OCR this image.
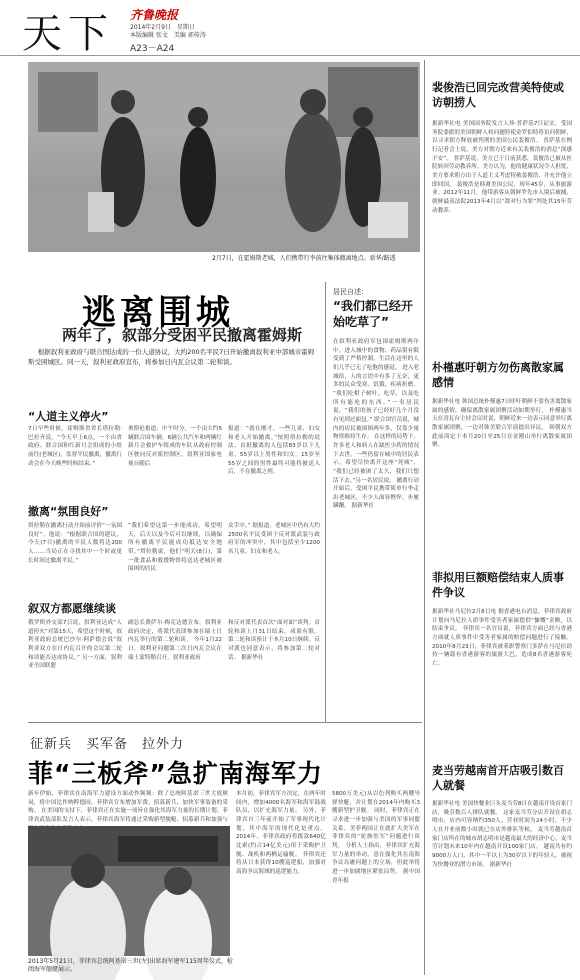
天下 齐鲁晚报
2014年2月9日　星期日
本版编辑 张文　美编 郭传涛
A23－A24
2月7日，在霍姆斯老城，人们携带行李前往集体撤离地点。新华/路透
逃离围城
两年了，叙部分受困平民撤离霍姆斯
根据叙利亚政府与联合国达成的一份人道协议，大约200名平民7日开始撤离叙利亚中部城市霍姆斯受困城区。同一天，叙利亚政府宣布，将参加日内瓦会议第二轮和谈。
“人道主义停火”
7日早些时候，霍姆斯省省长塔拉勒·巴拉齐说，“今天早上6点，一个由省政府、联合国和红新月会组成的小组前往(老城区)，监督平民撤离，撤离行动会在今天晚些时候结束。”
奥斯伦报道，中午时分，一个由大约5辆联合国车辆、6辆公共汽车和两辆红新月会救护车组成的车队从政府控制区驶向反对派控制区。叙利亚国家电视台随后
报道：“就在刚才，一些儿童、妇女和老人开始撤离。”按照塔拉勒的说法，首批撤离的人包括83岁以下儿童、55岁以上男性和妇女。15岁至55岁之间的男性最终可能将被送入后，不在撤离之列。
撤离“氛围良好”
塔拉勒在撤离行动开始前评价“一氛围良好”。他说：“根据联合国的建议，今天(7日)撤离的平民人数将达200人……当局正在寻找其中一个时或更长时间过撤离平民。”
“我们希望这第一步能成功，希望明天，后天以及今后可以继续，以确保所有撤离平民能成功抵达安全地带。”塔拉勒说，他们“明天(8日)，第一批食品和救援物资将送达老城区被围困的居民
众手中。” 据报道，老城区中仍有大约2500名平民受困于反对派武装与政府军的冲突中，其中包括至少1200名儿童、妇女和老人。
叙双方都愿继续谈
俄罗斯外交部7日说，叙利亚达成“人道停火”对第15天，希望这个时候，叙利亚政府总统巴沙尔·阿萨德会说“叙利亚双方在日内瓦召开的会议第二轮和谈能否达成协议。” 另一方面，叙利亚全国联盟
副总长费萨尔·梅克达德宣布，叙利亚政府决定，将派代表团参加在瑞士日内瓦举行的第二轮和谈。 今年1月22日，叙利亚问题第二次日内瓦会议在瑞士蒙特勒召开，叙利亚政府
和反对派代表首次“面对面”谈判。首轮和谈上月31日结束，成果有限。 第二轮和谈预计于本月10日继续。反对派也同意表示，将参加第二轮对话。 据新华社
居民自述：
“我们都已经开始吃草了”
在叙利亚政府军包围霍姆斯两年中，进入城中的食物、药品很有限受到了严格控制。生活在这里的人们几乎已无了吃饱的感觉。 进入老城给，人的言语中有多了无奈，更多的民众受寒、饥饿、疾病折磨。 “我们吃柑子树叶，吃草，以及吃所有能吃的东西。”一名居民说，“我们的孩子已经好几个月没有见到过面包。” 联合国官员说，城内的居民被围困两年多，仅靠少量物资维持生存。 在这样的局势下，许多老人和病人在缺医少药的情况下去世。一些仍留在城中的居民表示，希望尽快离开这座“死城”。 “我们已经被困了太久，我们只想活下去。”另一名居民说。 撤离行动开始后，受困平民携带简单行李走出老城区，不少人面容憔悴、步履蹒跚。 据新华社
裴俊浩已回完改营美特使或访朝捞人
据新华社电 美国国务院发言人珍·普萨基7日证实，受国务院委派的美国朝鲜人权问题特使金罗伯特将访问朝鲜，以寻求朝方释放被判刑的美国公民裴俊浩。 普萨基在例行记者会上说，美方对朝方近来有关裴俊浩的消息“深感不安”。 普萨基说，美方已于日前获悉，裴俊浩已被从医院转回劳动教养所。美方认为，他的健康状况令人担忧，美方要求朝方出于人道主义考虑特赦裴俊浩，并允许他立即回国。 裴俊浩是韩裔美国公民，现年45岁，从事旅游业。2012年11月，他带游客从朝鲜罗先市入境后被捕，朝鲜最高法院2013年4月以“敌对行为罪”判处其15年劳动教养。
朴槿惠吁朝方勿伤离散家属感情
据新华社电 韩国总统朴槿惠7日呼吁朝鲜不要伤害离散家属的感情，确保离散家属团聚活动如期举行。 朴槿惠当天在青瓦台主持会议时说，朝鲜近来一边表示同意举行离散家属团聚，一边对韩美联合军演提出异议。 韩朝双方此前商定于本月20日至25日在金刚山举行离散家属团聚。
菲拟用巨额赔偿结束人质事件争议
据新华社马尼拉2月8日电 据香港电台消息，菲律宾政府计划向马尼拉人质事件受害者家属提供“慷慨”金额，以结束争议。 菲律宾一名官员说，菲律宾方面已经与香港方面就人质事件中受害者家属的赔偿问题进行了接触。 2010年8月23日，菲律宾被革职警察门多萨在马尼拉劫持一辆载有香港游客的旅游大巴，造成8名香港游客死亡。
麦当劳越南首开店吸引数百人就餐
据新华社电 美国快餐业巨头麦当劳8日在越南开设首家门店，吸引数百人排队就餐。 这家麦当劳分店开设在胡志明市，店内可容纳约350人，营业时间为24小时。不少人在开业前数小时就已在店外排队等候。 麦当劳越南首家门店所在的城市胡志明市是越南最大的经济中心。麦当劳计划未来10年内在越南开设100家门店。 越南共有约9000万人口，其中一半以上为30岁以下的年轻人，被视为快餐业的潜力市场。 据新华社
征新兵　买军备　拉外力
菲“三板斧”急扩南海军力
新年伊始，菲律宾在南海军力建设方面动作频频：除了总统阿基诺三世大放厥词，将中国比作纳粹德国，菲律宾宣布增加军费、招募新兵，加快军事装备的采购。 在美国的支持下，菲律宾正在实施一项旨在强化其海军力量的长期计划。菲律宾武装部队发言人表示，菲律宾海军将通过采购新型舰艇、招募新兵和加强与
本月初，菲律宾军方决定，在两年时间内，增加4000名海军和海军陆战队员，以扩充海军力量。 另外，菲律宾自三年前开始了军事现代化计划，其中海军的现代化是重点。2014年，菲律宾政府将拨款640亿比索(约合14亿美元)用于采购护卫舰、战机和两栖运输舰。 菲律宾还将从日本获得10艘巡逻船，加强对南海争议海域的巡逻能力。
5800万美元)从以色列购买两艘导弹快艇，并计划在2014年内购买3艘新型护卫舰。 同时，菲律宾正在寻求进一步加强与美国的军事同盟关系。美菲两国正在就扩大美军在菲律宾的“轮换驻军”问题进行谈判。 分析人士指出，菲律宾扩充海军力量的举动，意在强化其在南海争议岛礁问题上的立场，但此举将进一步加剧地区紧张局势。 据中国青年报
2013年5月21日，菲律宾总统阿基诺三世(左)出席海军建军115周年仪式，检阅海军舰艇展示。
